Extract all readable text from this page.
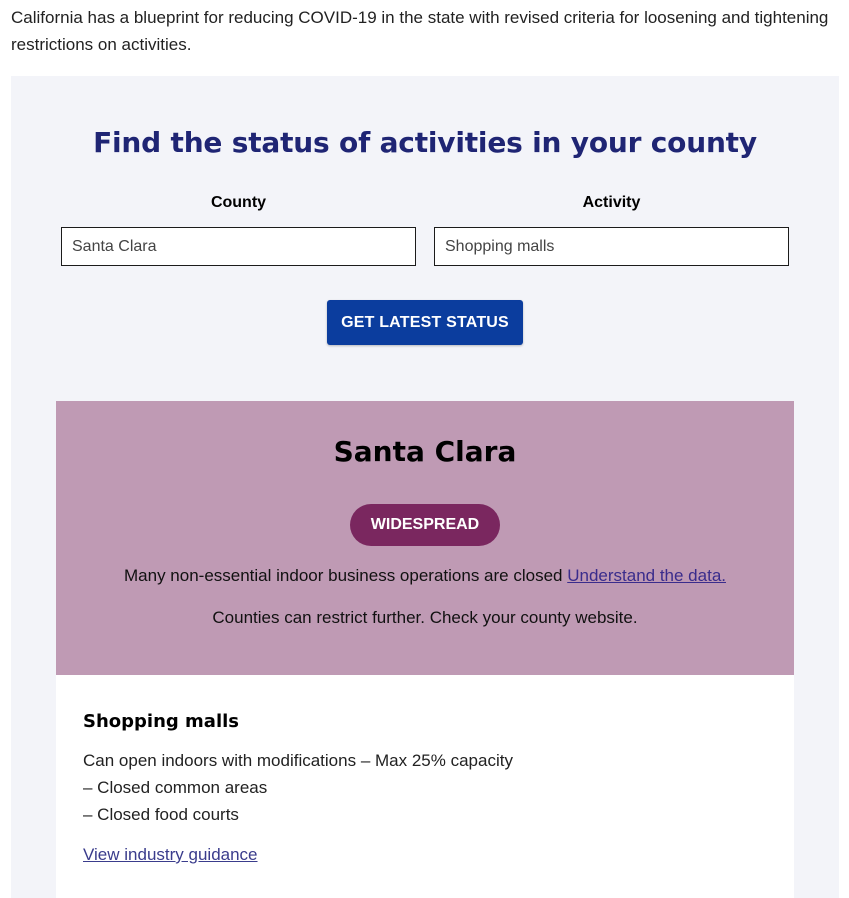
California has a blueprint for reducing COVID-19 in the state with revised criteria for loosening and tightening restrictions on activities.
Find the status of activities in your county
County	Activity
Santa Clara
Shopping malls
GET LATEST STATUS
Santa Clara
WIDESPREAD
Many non-essential indoor business operations are closed Understand the data.
Counties can restrict further. Check your county website.
Shopping malls
Can open indoors with modifications – Max 25% capacity
– Closed common areas
– Closed food courts
View industry guidance
